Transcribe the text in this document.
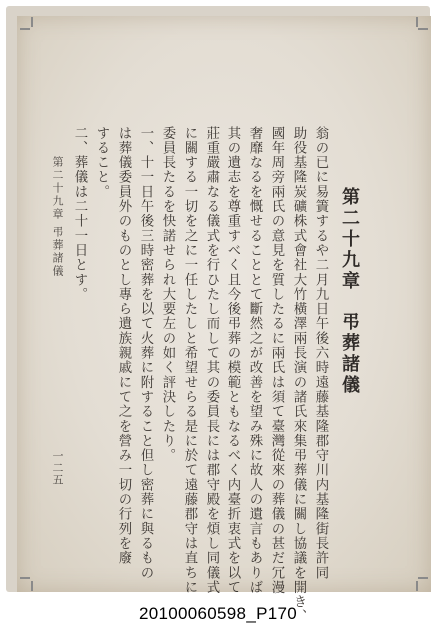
第二十九章弔葬諸儀
翁の已に易簀するや二月九日午後六時遠藤基隆郡守川内基隆街長許同
助役基隆炭礦株式會社大竹橫澤兩長演の諸氏來集弔葬儀に關し協議を開き、
國年周旁兩氏の意見を質したるに兩氏は須て臺灣從來の葬儀の甚だ冗漫
奢靡なるを慨せることとて斷然之が改善を望み殊に故人の遺言もありば
其の遺志を尊重すべく且今後弔葬の模範ともなるべく内臺折衷式を以て
莊重嚴肅なる儀式を行ひたし而して其の委員長には郡守殿を煩し同儀式
に關する一切を之に一任したしと希望せらる是に於て遠藤郡守は直ちに
委員長たるを快諾せられ大要左の如く評決したり。
一、十一日午後三時密葬を以て火葬に附すること但し密葬に與るもの
は葬儀委員外のものとし專ら遺族親戚にて之を營み一切の行列を廢
すること。
二、葬儀は二十一日とす。
第二十九章
弔葬諸儀
一二五
20100060598_P170
